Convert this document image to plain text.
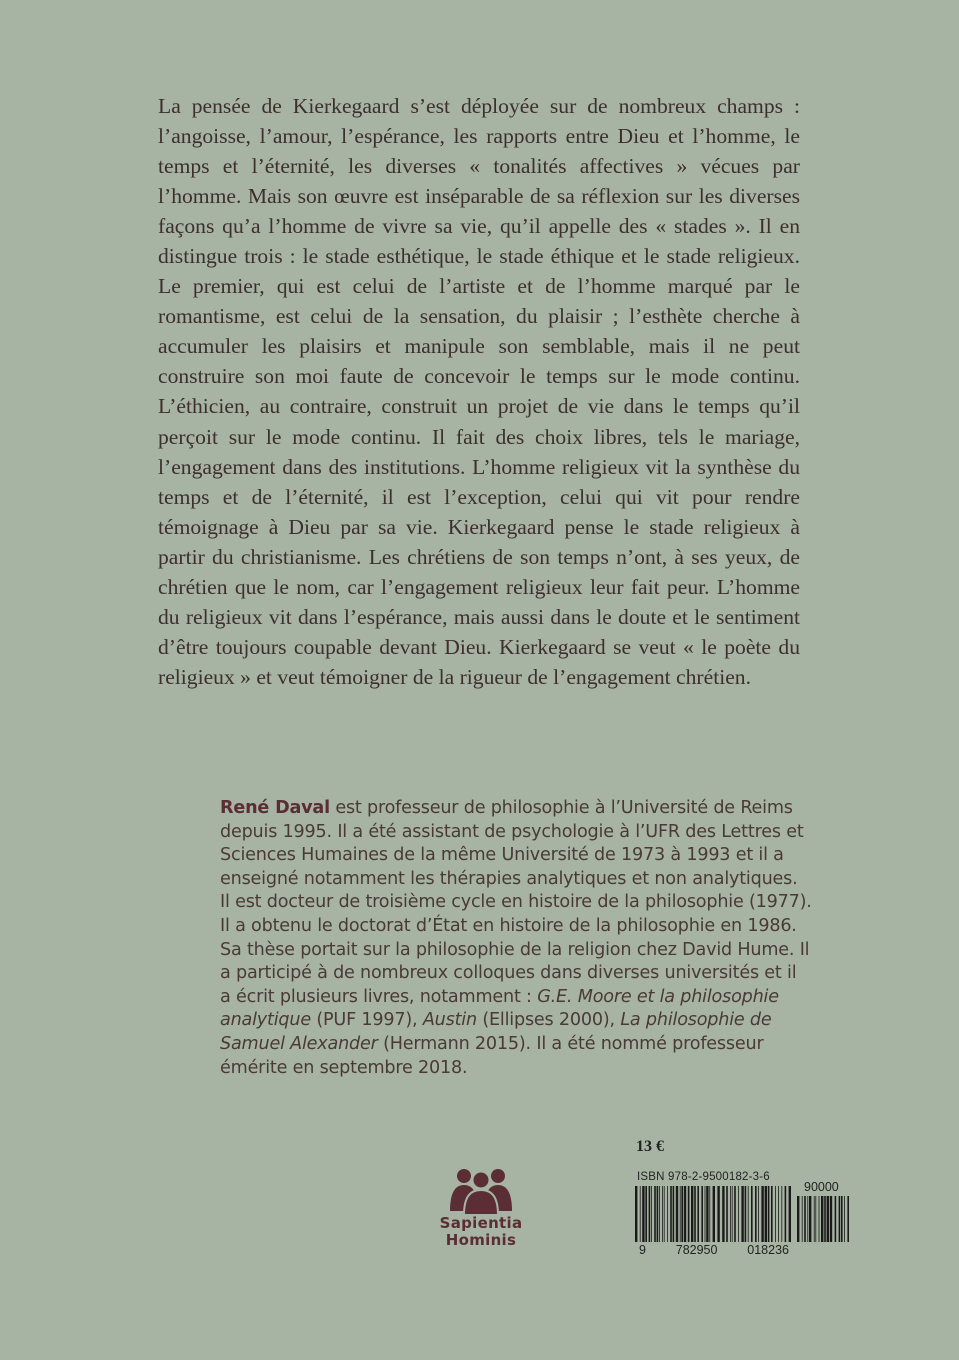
La pensée de Kierkegaard s’est déployée sur de nombreux champs : l’angoisse, l’amour, l’espérance, les rapports entre Dieu et l’homme, le temps et l’éternité, les diverses « tonalités affectives » vécues par l’homme. Mais son œuvre est inséparable de sa réflexion sur les diverses façons qu’a l’homme de vivre sa vie, qu’il appelle des « stades ». Il en distingue trois : le stade esthétique, le stade éthique et le stade religieux. Le premier, qui est celui de l’artiste et de l’homme marqué par le romantisme, est celui de la sensation, du plaisir ; l’esthète cherche à accumuler les plaisirs et manipule son semblable, mais il ne peut construire son moi faute de concevoir le temps sur le mode continu. L’éthicien, au contraire, construit un projet de vie dans le temps qu’il perçoit sur le mode continu. Il fait des choix libres, tels le mariage, l’engagement dans des institutions. L’homme religieux vit la synthèse du temps et de l’éternité, il est l’exception, celui qui vit pour rendre témoignage à Dieu par sa vie. Kierkegaard pense le stade religieux à partir du christianisme. Les chrétiens de son temps n’ont, à ses yeux, de chrétien que le nom, car l’engagement religieux leur fait peur. L’homme du religieux vit dans l’espérance, mais aussi dans le doute et le sentiment d’être toujours coupable devant Dieu. Kierkegaard se veut « le poète du religieux » et veut témoigner de la rigueur de l’engagement chrétien.

René Daval est professeur de philosophie à l’Université de Reims depuis 1995. Il a été assistant de psychologie à l’UFR des Lettres et Sciences Humaines de la même Université de 1973 à 1993 et il a enseigné notamment les thérapies analytiques et non analytiques. Il est docteur de troisième cycle en histoire de la philosophie (1977). Il a obtenu le doctorat d’État en histoire de la philosophie en 1986. Sa thèse portait sur la philosophie de la religion chez David Hume. Il a participé à de nombreux colloques dans diverses universités et il a écrit plusieurs livres, notamment : G.E. Moore et la philosophie analytique (PUF 1997), Austin (Ellipses 2000), La philosophie de Samuel Alexander (Hermann 2015). Il a été nommé professeur émérite en septembre 2018.

Sapientia
Hominis
13 €
ISBN 978-2-9500182-3-6
90000
9 782950 018236
